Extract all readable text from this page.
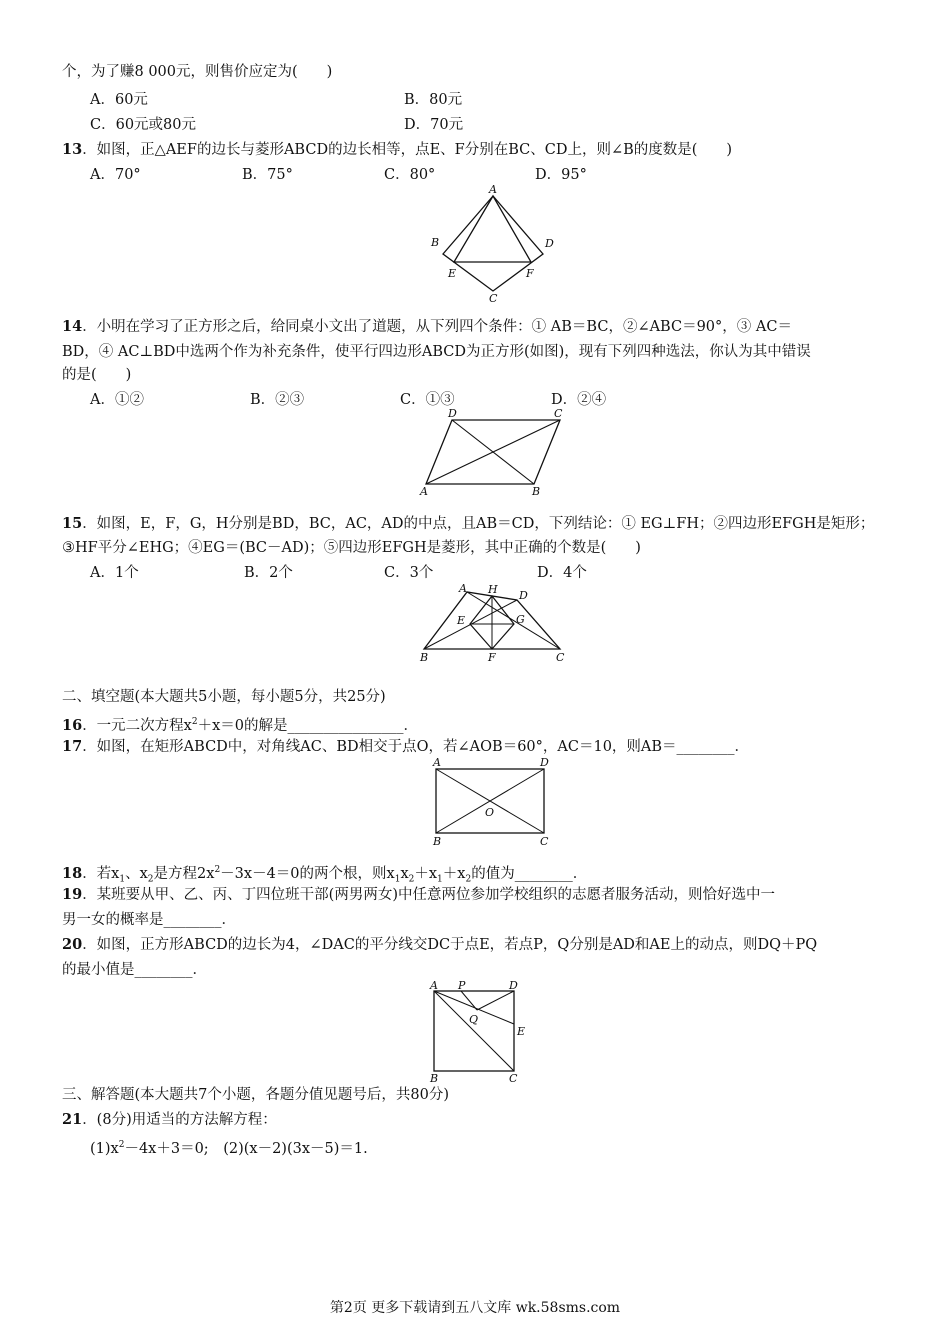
个，为了赚8 000元，则售价应定为(　　)
A．60元	B．80元
C．60元或80元	D．70元
13．如图，正△AEF的边长与菱形ABCD的边长相等，点E、F分别在BC、CD上，则∠B的度数是(　　)
A．70°	B．75°	C．80°	D．95°
A
B	D
E	F
C
14．小明在学习了正方形之后，给同桌小文出了道题，从下列四个条件：① AB＝BC，②∠ABC＝90°，③ AC＝
BD，④ AC⊥BD中选两个作为补充条件，使平行四边形ABCD为正方形(如图)，现有下列四种选法，你认为其中错误
的是(　　)
A．①②	B．②③	C．①③	D．②④
D	C
A	B
15．如图，E，F，G，H分别是BD，BC，AC，AD的中点，且AB＝CD，下列结论：① EG⊥FH；②四边形EFGH是矩形；
③HF平分∠EHG；④EG＝(BC－AD)；⑤四边形EFGH是菱形，其中正确的个数是(　　)
A．1个	B．2个	C．3个	D．4个
A H D
E	G
B	F	C
二、填空题(本大题共5小题，每小题5分，共25分)
16．一元二次方程$x^2+x=0$的解是________________．
17．如图，在矩形ABCD中，对角线AC、BD相交于点O，若∠AOB＝60°，AC＝10，则AB＝________．
A	D
O
B	C
18．若$x_1$、$x_2$是方程$2x^2-3x-4=0$的两个根，则$x_1x_2+x_1+x_2$的值为________．
19．某班要从甲、乙、丙、丁四位班干部(两男两女)中任意两位参加学校组织的志愿者服务活动，则恰好选中一
男一女的概率是________．
20．如图，正方形ABCD的边长为4，∠DAC的平分线交DC于点E，若点P，Q分别是AD和AE上的动点，则DQ＋PQ
的最小值是________．
A P	D
Q
E
B	C
三、解答题(本大题共7个小题，各题分值见题号后，共80分)
21．(8分)用适当的方法解方程：
$(1)x^2-4x+3=0$;　(2)(x－2)(3x－5)＝1.
第2页 更多下载请到五八文库 wk.58sms.com
